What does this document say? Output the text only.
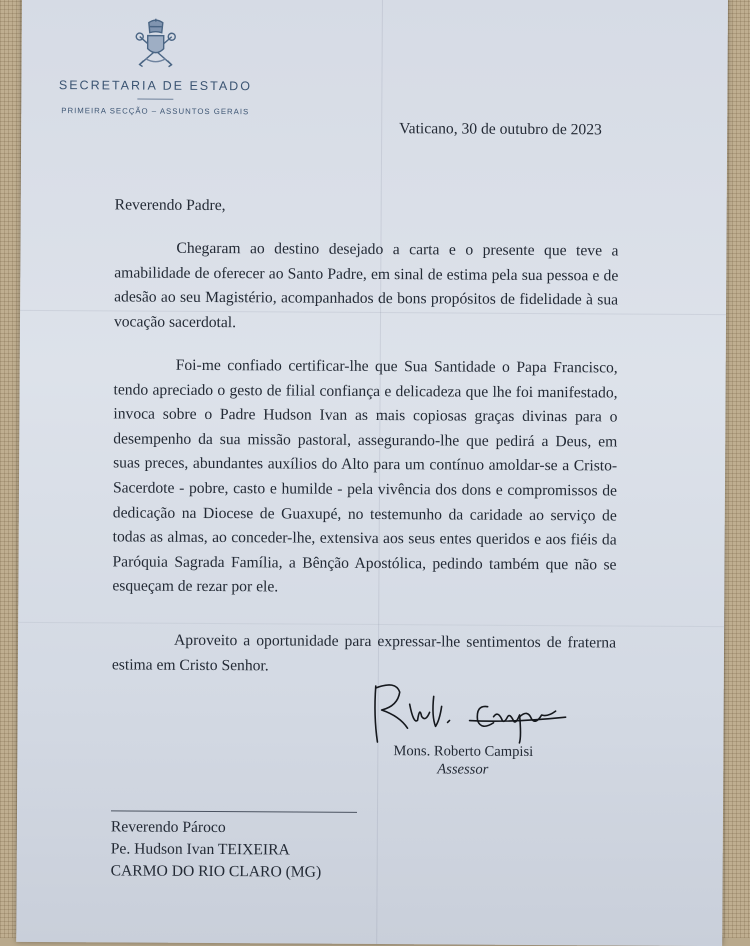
SECRETARIA DE ESTADO
PRIMEIRA SECÇÃO – ASSUNTOS GERAIS
Vaticano, 30 de outubro de 2023
Reverendo Padre,
Chegaram ao destino desejado a carta e o presente que teve a amabilidade de oferecer ao Santo Padre, em sinal de estima pela sua pessoa e de adesão ao seu Magistério, acompanhados de bons propósitos de fidelidade à sua vocação sacerdotal.
Foi-me confiado certificar-lhe que Sua Santidade o Papa Francisco, tendo apreciado o gesto de filial confiança e delicadeza que lhe foi manifestado, invoca sobre o Padre Hudson Ivan as mais copiosas graças divinas para o desempenho da sua missão pastoral, assegurando-lhe que pedirá a Deus, em suas preces, abundantes auxílios do Alto para um contínuo amoldar-se a Cristo-Sacerdote - pobre, casto e humilde - pela vivência dos dons e compromissos de dedicação na Diocese de Guaxupé, no testemunho da caridade ao serviço de todas as almas, ao conceder-lhe, extensiva aos seus entes queridos e aos fiéis da Paróquia Sagrada Família, a Bênção Apostólica, pedindo também que não se esqueçam de rezar por ele.
Aproveito a oportunidade para expressar-lhe sentimentos de fraterna estima em Cristo Senhor.
Mons. Roberto Campisi
Assessor
Reverendo Pároco
Pe. Hudson Ivan TEIXEIRA
CARMO DO RIO CLARO (MG)
